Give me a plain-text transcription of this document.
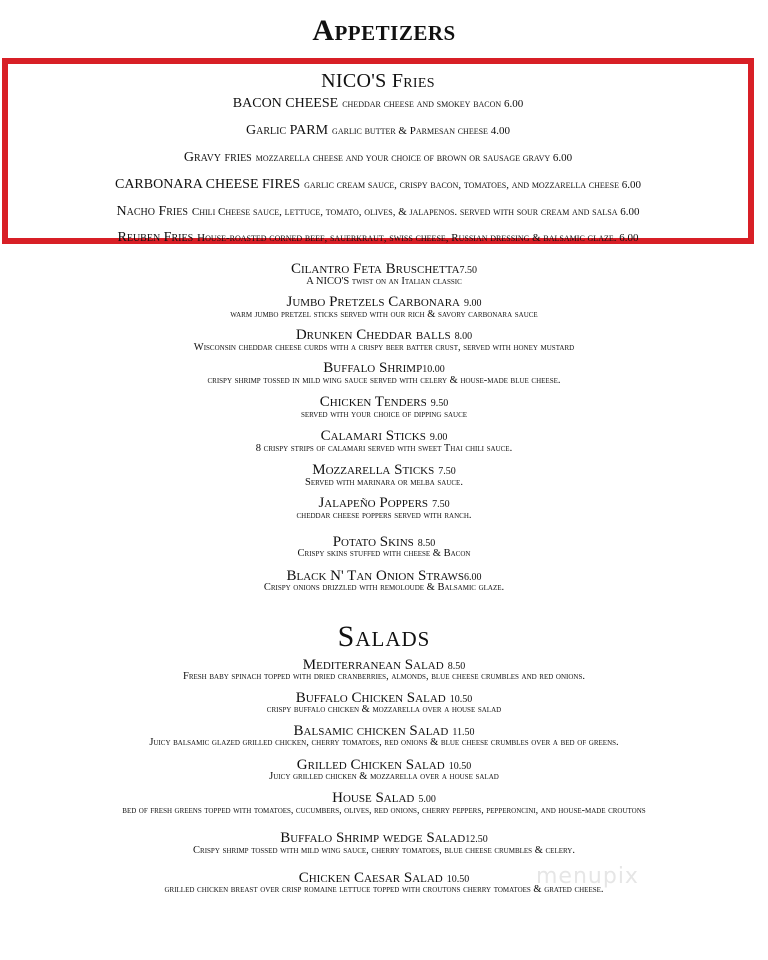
Appetizers
NICO'S Fries
BACON CHEESE cheddar cheese and smokey bacon 6.00
Garlic PARM garlic butter & Parmesan cheese 4.00
Gravy fries mozzarella cheese and your choice of brown or sausage gravy 6.00
CARBONARA CHEESE FIRES garlic cream sauce, crispy bacon, tomatoes, and mozzarella cheese 6.00
Nacho Fries Chili Cheese sauce, lettuce, tomato, olives, & jalapenos. served with sour cream and salsa 6.00
Reuben Fries House-roasted corned beef, sauerkraut, swiss cheese, Russian dressing & balsamic glaze. 6.00
Cilantro Feta Bruschetta7.50
A NICO'S twist on an Italian classic
Jumbo Pretzels Carbonara 9.00
warm jumbo pretzel sticks served with our rich & savory carbonara sauce
Drunken Cheddar balls 8.00
Wisconsin cheddar cheese curds with a crispy beer batter crust, served with honey mustard
Buffalo Shrimp10.00
crispy shrimp tossed in mild wing sauce served with celery & house-made blue cheese.
Chicken Tenders 9.50
served with your choice of dipping sauce
Calamari Sticks 9.00
8 crispy strips of calamari served with sweet Thai chili sauce.
Mozzarella Sticks 7.50
Served with marinara or melba sauce.
Jalapeño Poppers 7.50
cheddar cheese poppers served with ranch.
Potato Skins 8.50
Crispy skins stuffed with cheese & Bacon
Black N' Tan Onion Straws6.00
Crispy onions drizzled with remoloude & Balsamic glaze.
Salads
Mediterranean Salad 8.50
Fresh baby spinach topped with dried cranberries, almonds, blue cheese crumbles and red onions.
Buffalo Chicken Salad 10.50
crispy buffalo chicken & mozzarella over a house salad
Balsamic chicken Salad 11.50
Juicy balsamic glazed grilled chicken, cherry tomatoes, red onions & blue cheese crumbles over a bed of greens.
Grilled Chicken Salad 10.50
Juicy grilled chicken & mozzarella over a house salad
House Salad 5.00
bed of fresh greens topped with tomatoes, cucumbers, olives, red onions, cherry peppers, pepperoncini, and house-made croutons
Buffalo Shrimp wedge Salad12.50
Crispy shrimp tossed with mild wing sauce, cherry tomatoes, blue cheese crumbles & celery.
Chicken Caesar Salad 10.50
grilled chicken breast over crisp romaine lettuce topped with croutons cherry tomatoes & grated cheese.
menupix
